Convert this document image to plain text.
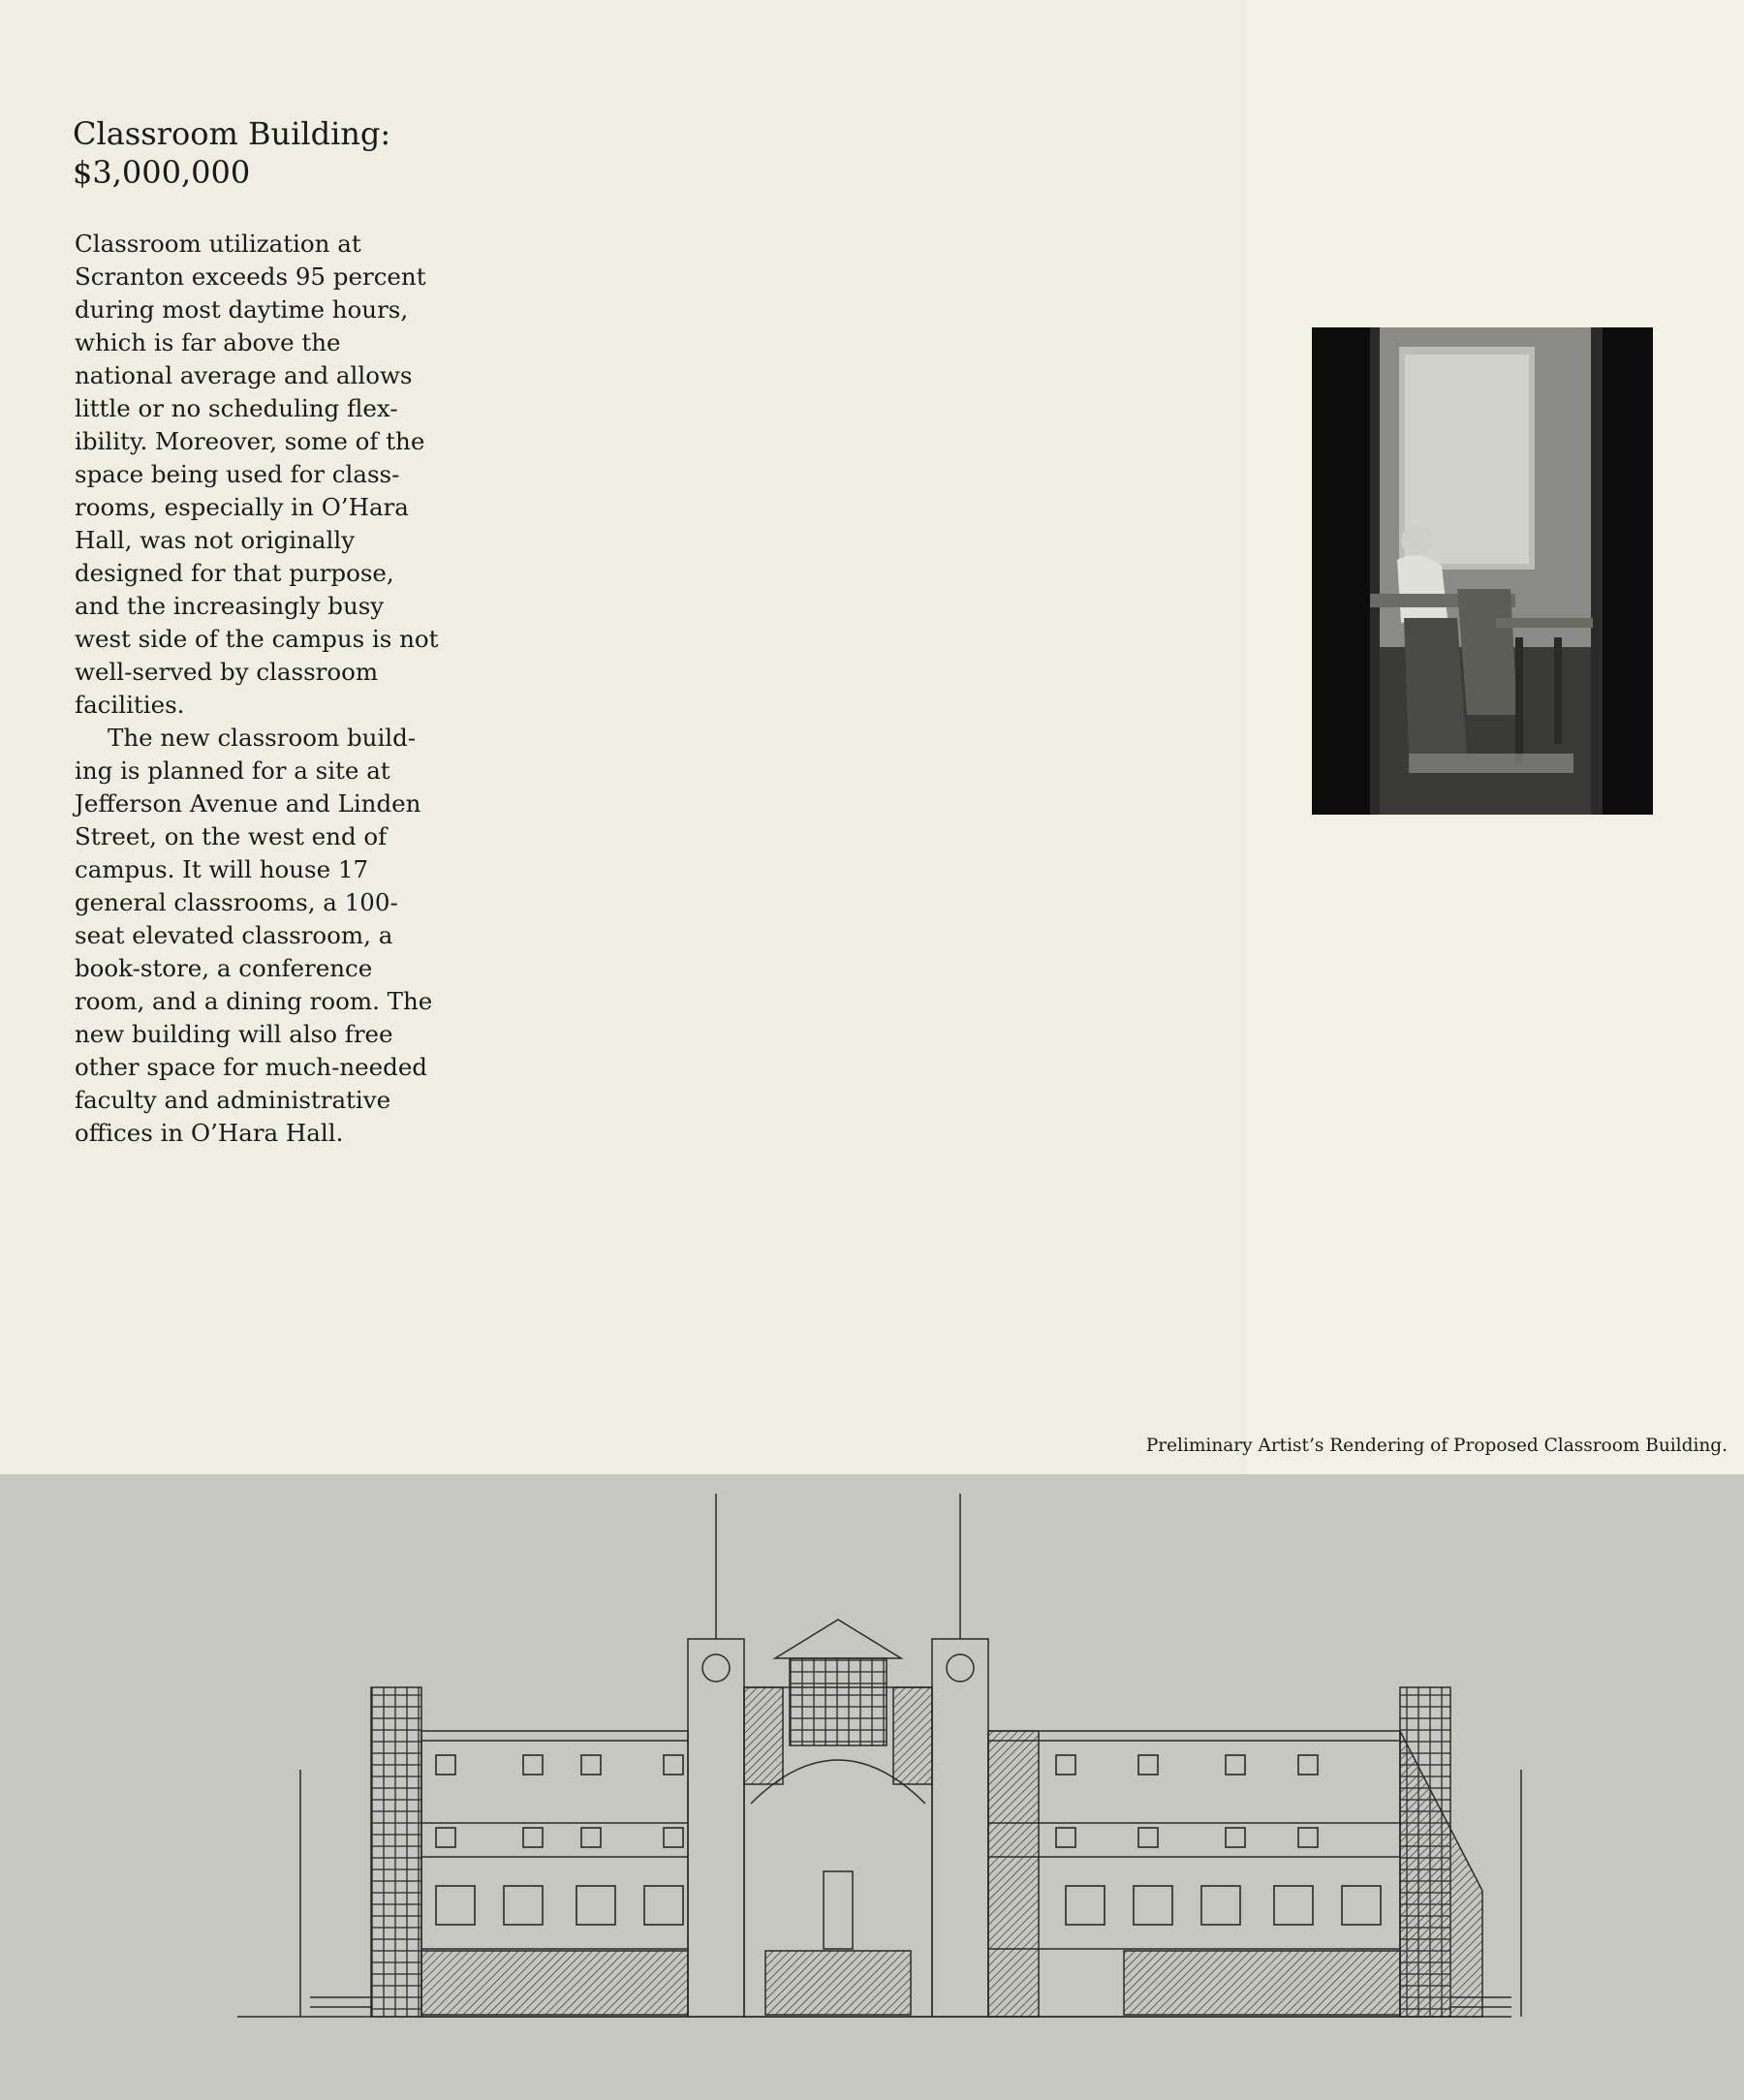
Classroom Building:
$3,000,000

Classroom utilization at Scranton exceeds 95 percent during most daytime hours, which is far above the national average and allows little or no scheduling flex-ibility. Moreover, some of the space being used for class-rooms, especially in O’Hara Hall, was not originally designed for that purpose, and the increasingly busy west side of the campus is not well-served by classroom facilities.

The new classroom build-ing is planned for a site at Jefferson Avenue and Linden Street, on the west end of campus. It will house 17 general classrooms, a 100-seat elevated classroom, a book-store, a conference room, and a dining room. The new building will also free other space for much-needed faculty and administrative offices in O’Hara Hall.

Preliminary Artist’s Rendering of Proposed Classroom Building.
